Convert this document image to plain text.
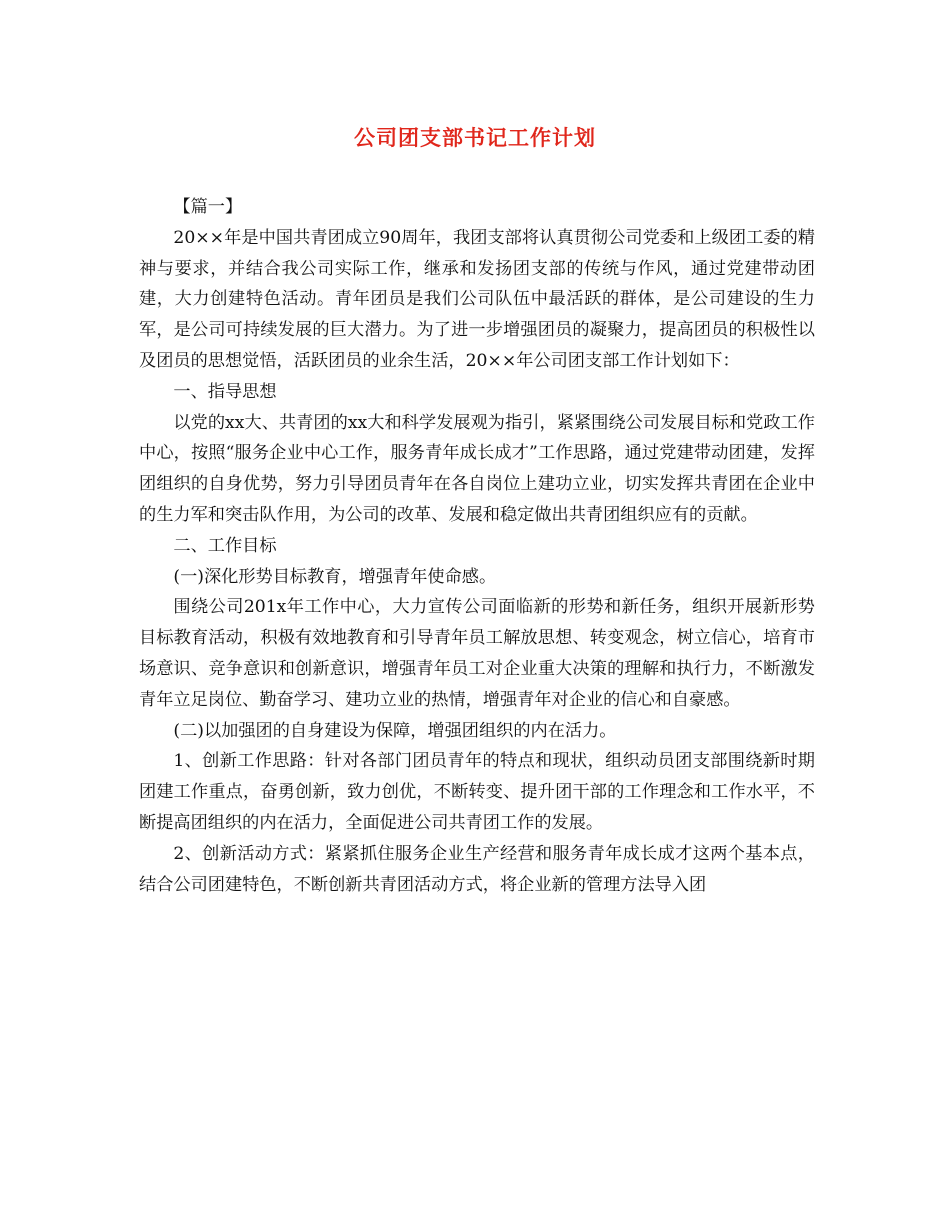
公司团支部书记工作计划

【篇一】

20××年是中国共青团成立90周年，我团支部将认真贯彻公司党委和上级团工委的精神与要求，并结合我公司实际工作，继承和发扬团支部的传统与作风，通过党建带动团建，大力创建特色活动。青年团员是我们公司队伍中最活跃的群体，是公司建设的生力军，是公司可持续发展的巨大潜力。为了进一步增强团员的凝聚力，提高团员的积极性以及团员的思想觉悟，活跃团员的业余生活，20××年公司团支部工作计划如下：

一、指导思想

以党的xx大、共青团的xx大和科学发展观为指引，紧紧围绕公司发展目标和党政工作中心，按照“服务企业中心工作，服务青年成长成才”工作思路，通过党建带动团建，发挥团组织的自身优势，努力引导团员青年在各自岗位上建功立业，切实发挥共青团在企业中的生力军和突击队作用，为公司的改革、发展和稳定做出共青团组织应有的贡献。

二、工作目标

(一)深化形势目标教育，增强青年使命感。

围绕公司201x年工作中心，大力宣传公司面临新的形势和新任务，组织开展新形势目标教育活动，积极有效地教育和引导青年员工解放思想、转变观念，树立信心，培育市场意识、竞争意识和创新意识，增强青年员工对企业重大决策的理解和执行力，不断激发青年立足岗位、勤奋学习、建功立业的热情，增强青年对企业的信心和自豪感。

(二)以加强团的自身建设为保障，增强团组织的内在活力。

1、创新工作思路：针对各部门团员青年的特点和现状，组织动员团支部围绕新时期团建工作重点，奋勇创新，致力创优，不断转变、提升团干部的工作理念和工作水平，不断提高团组织的内在活力，全面促进公司共青团工作的发展。

2、创新活动方式：紧紧抓住服务企业生产经营和服务青年成长成才这两个基本点，结合公司团建特色，不断创新共青团活动方式，将企业新的管理方法导入团
